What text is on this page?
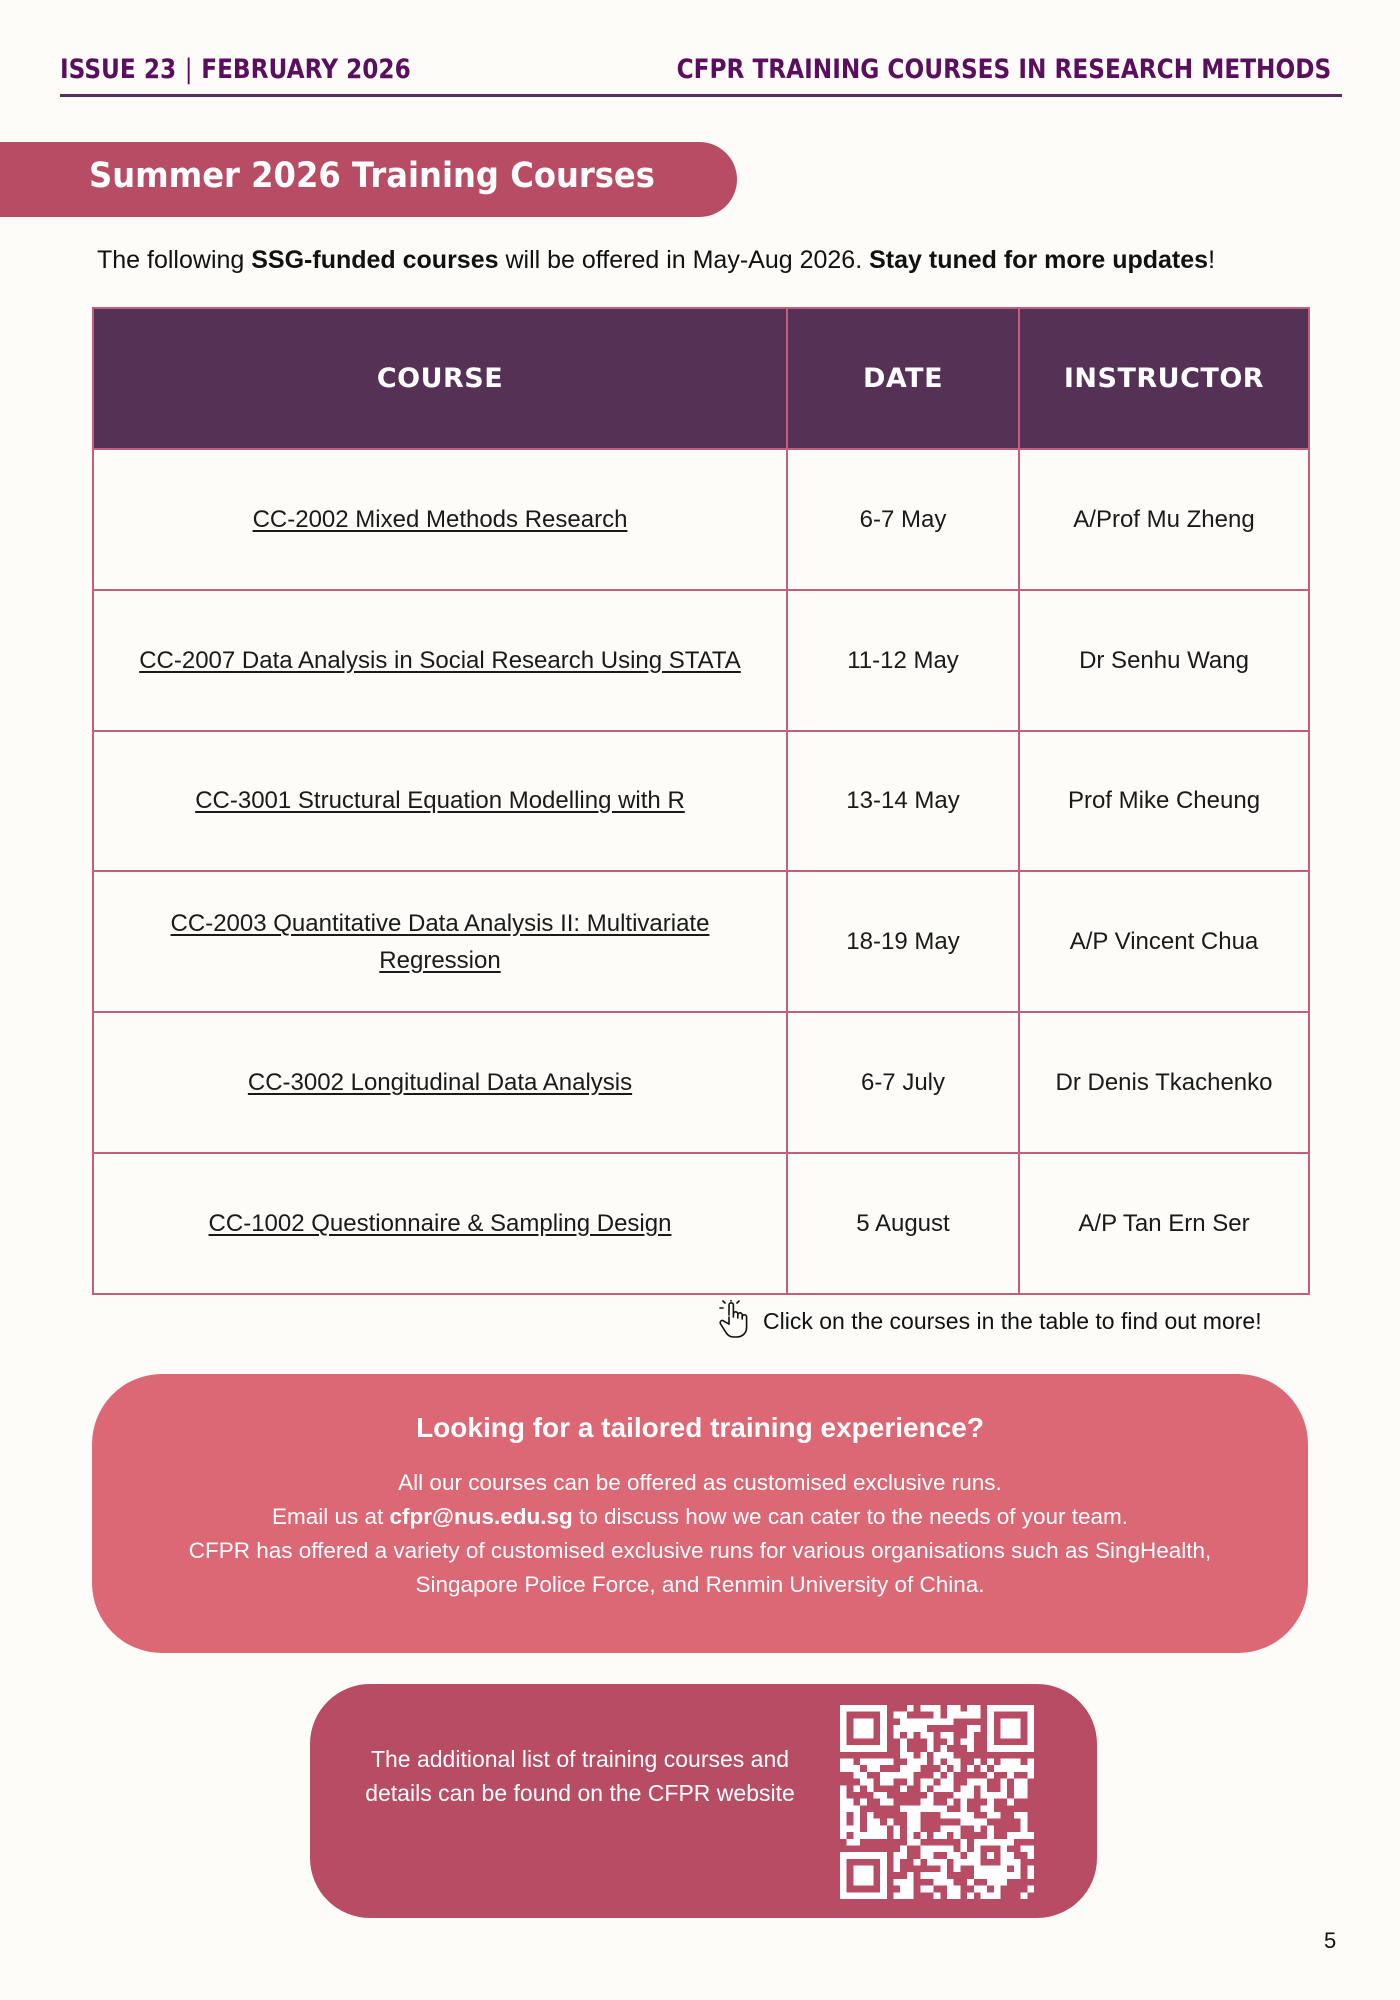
ISSUE 23 | FEBRUARY 2026	CFPR TRAINING COURSES IN RESEARCH METHODS
Summer 2026 Training Courses

The following SSG-funded courses will be offered in May-Aug 2026. Stay tuned for more updates!

COURSE	DATE	INSTRUCTOR
CC-2002 Mixed Methods Research	6-7 May	A/Prof Mu Zheng
CC-2007 Data Analysis in Social Research Using STATA	11-12 May	Dr Senhu Wang
CC-3001 Structural Equation Modelling with R	13-14 May	Prof Mike Cheung
CC-2003 Quantitative Data Analysis II: Multivariate Regression	18-19 May	A/P Vincent Chua
CC-3002 Longitudinal Data Analysis	6-7 July	Dr Denis Tkachenko
CC-1002 Questionnaire & Sampling Design	5 August	A/P Tan Ern Ser
Click on the courses in the table to find out more!
Looking for a tailored training experience?
All our courses can be offered as customised exclusive runs.
Email us at cfpr@nus.edu.sg to discuss how we can cater to the needs of your team.
CFPR has offered a variety of customised exclusive runs for various organisations such as SingHealth,
Singapore Police Force, and Renmin University of China.
The additional list of training courses and details can be found on the CFPR website
5
